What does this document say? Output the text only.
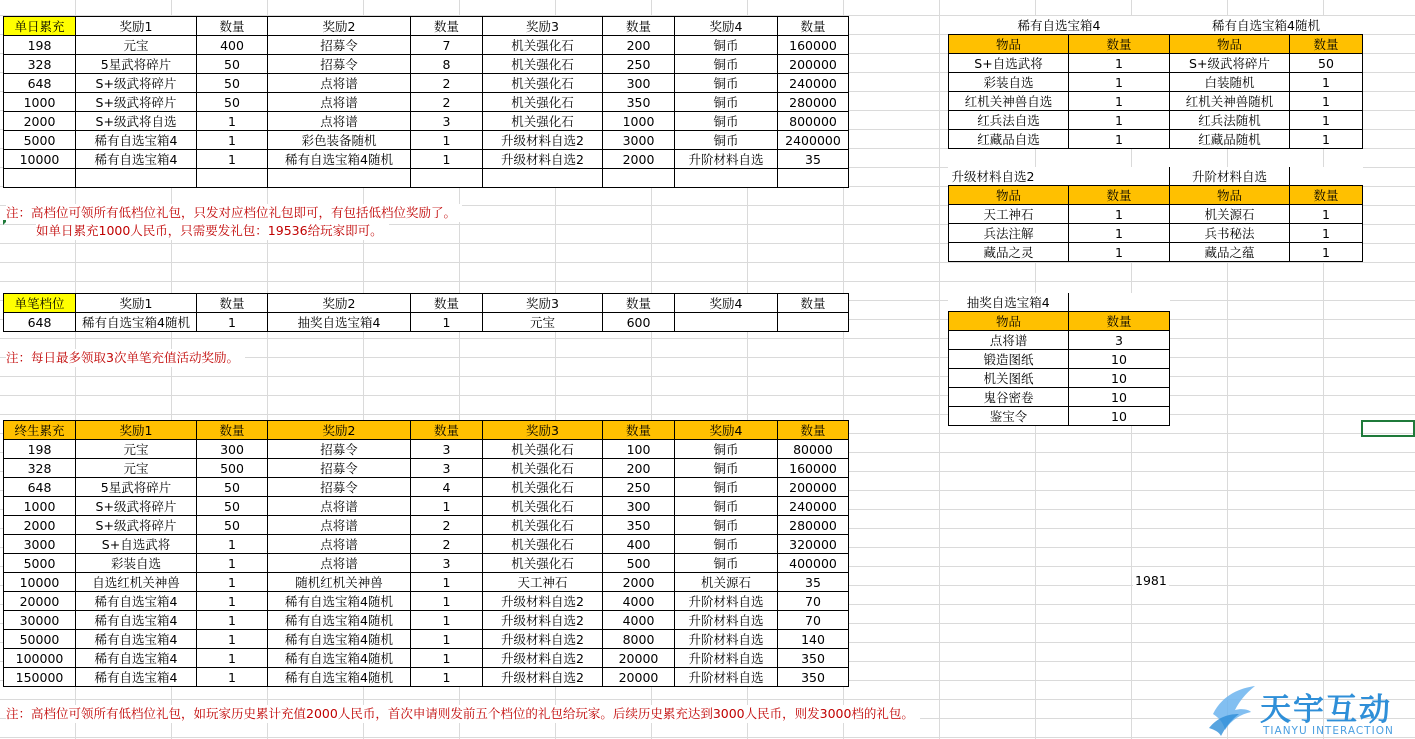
单日累充	奖励1	数量	奖励2	数量	奖励3	数量	奖励4	数量
198	元宝	400	招募令	7	机关强化石	200	铜币	160000
328	5星武将碎片	50	招募令	8	机关强化石	250	铜币	200000
648	S+级武将碎片	50	点将谱	2	机关强化石	300	铜币	240000
1000	S+级武将碎片	50	点将谱	2	机关强化石	350	铜币	280000
2000	S+级武将自选	1	点将谱	3	机关强化石	1000	铜币	800000
5000	稀有自选宝箱4	1	彩色装备随机	1	升级材料自选2	3000	铜币	2400000
10000	稀有自选宝箱4	1	稀有自选宝箱4随机	1	升级材料自选2	2000	升阶材料自选	35

注：高档位可领所有低档位礼包，只发对应档位礼包即可，有包括低档位奖励了。
如单日累充1000人民币，只需要发礼包：19536给玩家即可。
单笔档位	奖励1	数量	奖励2	数量	奖励3	数量	奖励4	数量
648	稀有自选宝箱4随机	1	抽奖自选宝箱4	1	元宝	600		
注：每日最多领取3次单笔充值活动奖励。
终生累充	奖励1	数量	奖励2	数量	奖励3	数量	奖励4	数量
198	元宝	300	招募令	3	机关强化石	100	铜币	80000
328	元宝	500	招募令	3	机关强化石	200	铜币	160000
648	5星武将碎片	50	招募令	4	机关强化石	250	铜币	200000
1000	S+级武将碎片	50	点将谱	1	机关强化石	300	铜币	240000
2000	S+级武将碎片	50	点将谱	2	机关强化石	350	铜币	280000
3000	S+自选武将	1	点将谱	2	机关强化石	400	铜币	320000
5000	彩装自选	1	点将谱	3	机关强化石	500	铜币	400000
10000	自选红机关神兽	1	随机红机关神兽	1	天工神石	2000	机关源石	35
20000	稀有自选宝箱4	1	稀有自选宝箱4随机	1	升级材料自选2	4000	升阶材料自选	70
30000	稀有自选宝箱4	1	稀有自选宝箱4随机	1	升级材料自选2	4000	升阶材料自选	70
50000	稀有自选宝箱4	1	稀有自选宝箱4随机	1	升级材料自选2	8000	升阶材料自选	140
100000	稀有自选宝箱4	1	稀有自选宝箱4随机	1	升级材料自选2	20000	升阶材料自选	350
150000	稀有自选宝箱4	1	稀有自选宝箱4随机	1	升级材料自选2	20000	升阶材料自选	350
注：高档位可领所有低档位礼包，如玩家历史累计充值2000人民币，首次申请则发前五个档位的礼包给玩家。后续历史累充达到3000人民币，则发3000档的礼包。
稀有自选宝箱4		稀有自选宝箱4随机	
物品	数量	物品	数量
S+自选武将	1	S+级武将碎片	50
彩装自选	1	白装随机	1
红机关神兽自选	1	红机关神兽随机	1
红兵法自选	1	红兵法随机	1
红藏品自选	1	红藏品随机	1
升级材料自选2		升阶材料自选	
物品	数量	物品	数量
天工神石	1	机关源石	1
兵法注解	1	兵书秘法	1
藏品之灵	1	藏品之蕴	1
抽奖自选宝箱4	
物品	数量
点将谱	3
锻造图纸	10
机关图纸	10
鬼谷密卷	10
鉴宝令	10
1981
天宇互动
TIANYU INTERACTION
